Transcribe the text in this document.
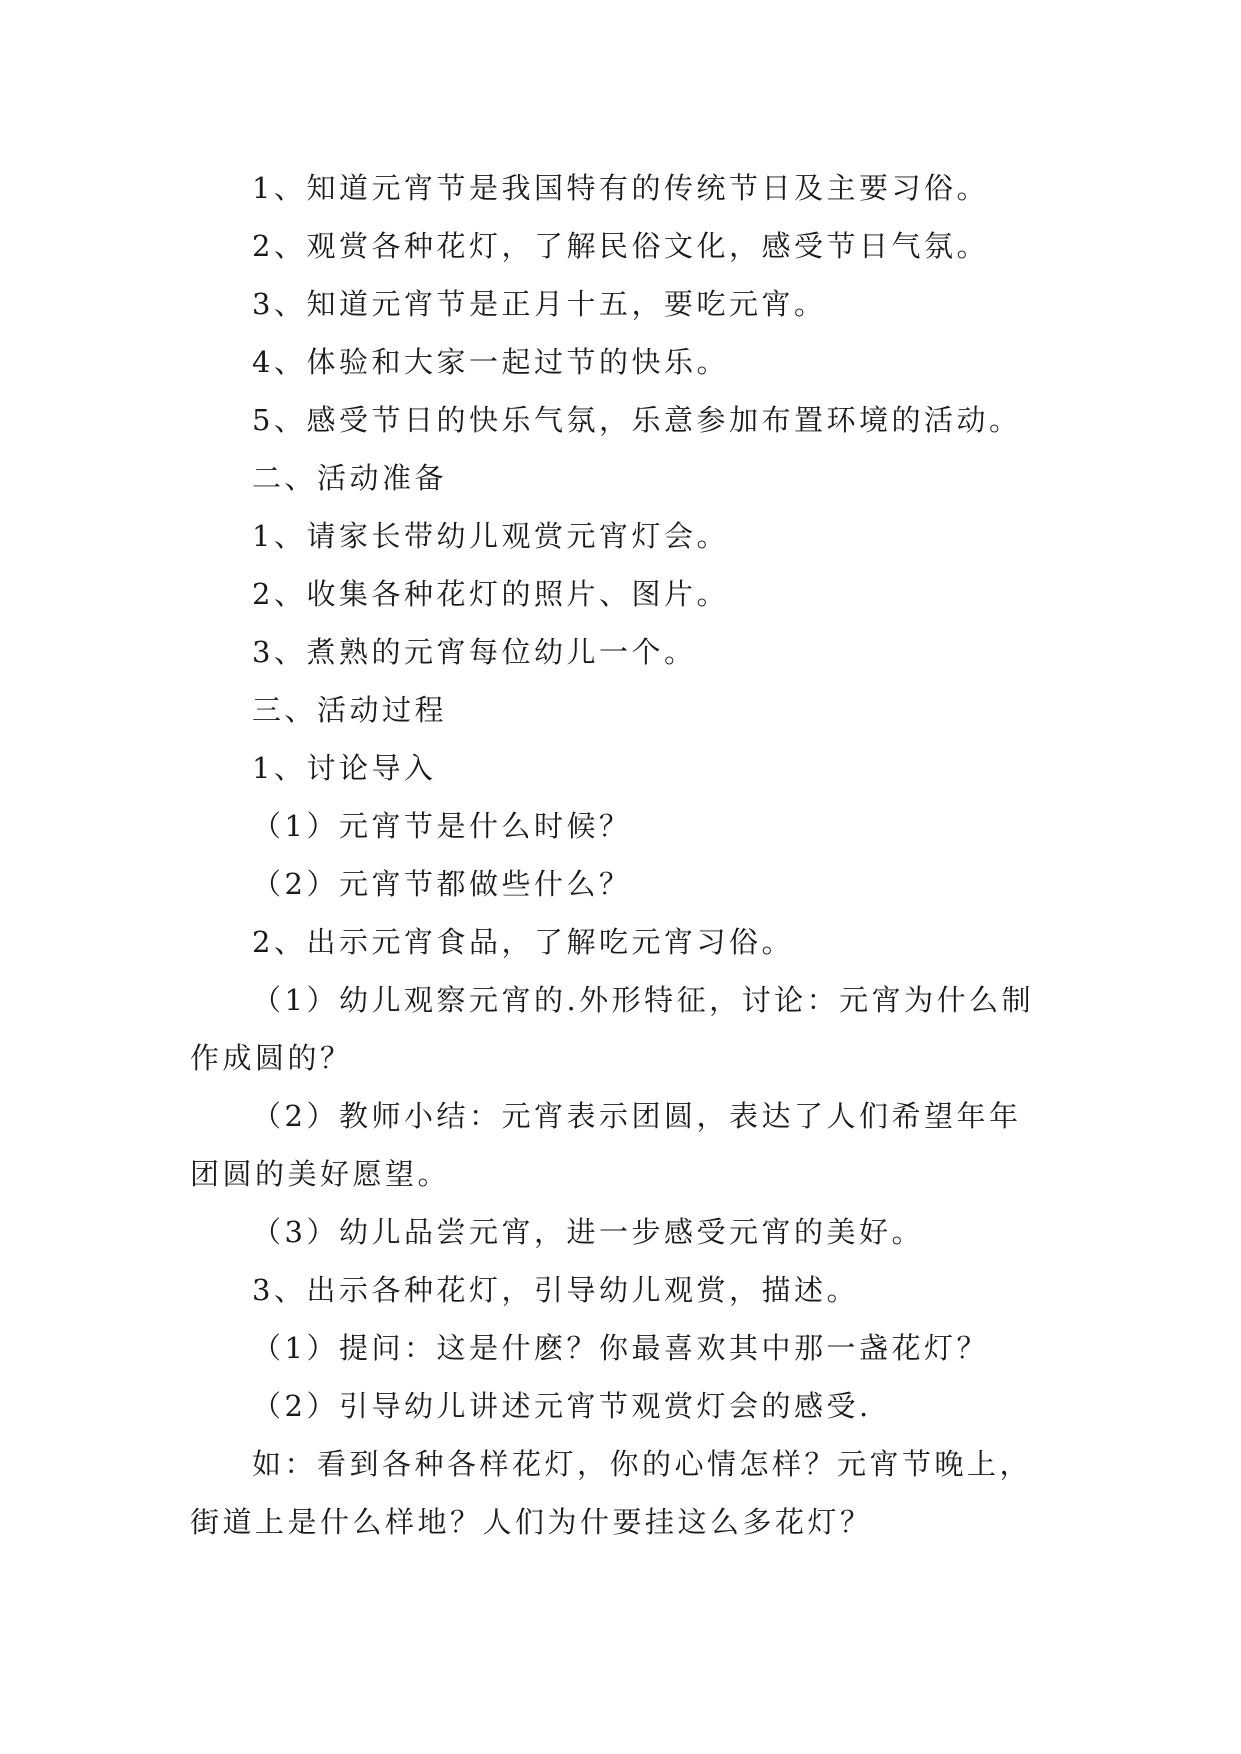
1、知道元宵节是我国特有的传统节日及主要习俗。
2、观赏各种花灯，了解民俗文化，感受节日气氛。
3、知道元宵节是正月十五，要吃元宵。
4、体验和大家一起过节的快乐。
5、感受节日的快乐气氛，乐意参加布置环境的活动。
二、活动准备
1、请家长带幼儿观赏元宵灯会。
2、收集各种花灯的照片、图片。
3、煮熟的元宵每位幼儿一个。
三、活动过程
1、讨论导入
（1）元宵节是什么时候？
（2）元宵节都做些什么？
2、出示元宵食品，了解吃元宵习俗。
（1）幼儿观察元宵的.外形特征，讨论：元宵为什么制
作成圆的？
（2）教师小结：元宵表示团圆，表达了人们希望年年
团圆的美好愿望。
（3）幼儿品尝元宵，进一步感受元宵的美好。
3、出示各种花灯，引导幼儿观赏，描述。
（1）提问：这是什麽？你最喜欢其中那一盏花灯？
（2）引导幼儿讲述元宵节观赏灯会的感受.
如：看到各种各样花灯，你的心情怎样？元宵节晚上，
街道上是什么样地？人们为什要挂这么多花灯？
